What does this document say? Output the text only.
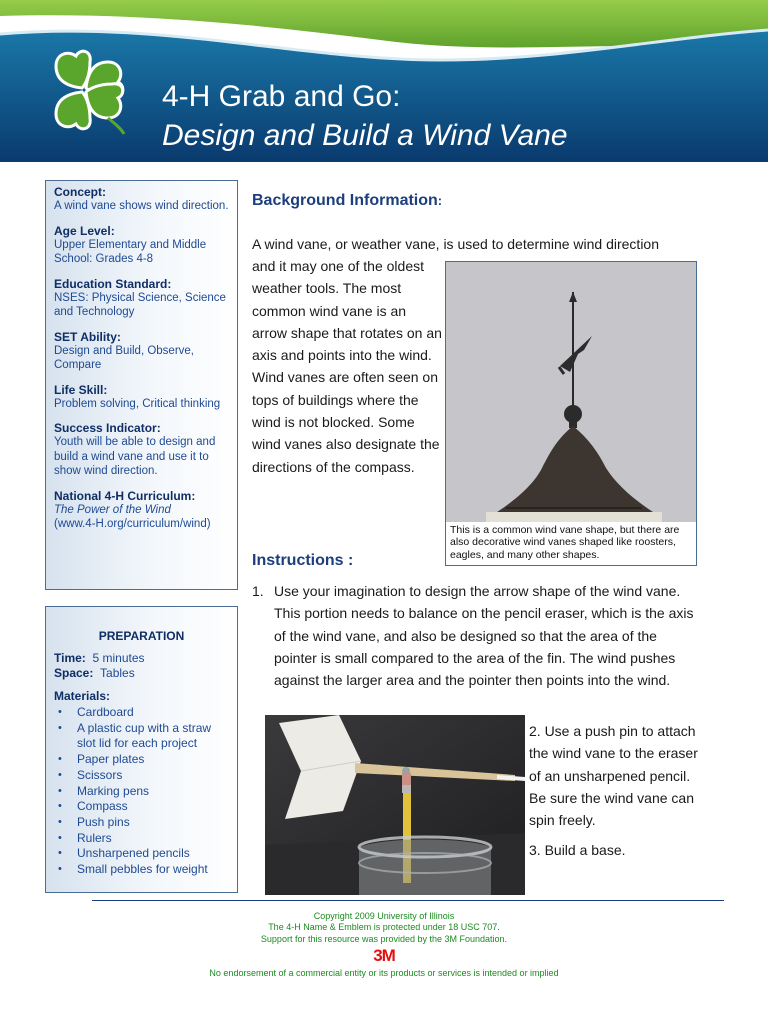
4-H Grab and Go:
Design and Build a Wind Vane
Concept:
A wind vane shows wind direction.
Age Level:
Upper Elementary and Middle School: Grades 4-8
Education Standard:
NSES: Physical Science, Science and Technology
SET Ability:
Design and Build, Observe, Compare
Life Skill:
Problem solving, Critical thinking
Success Indicator:
Youth will be able to design and build a wind vane and use it to show wind direction.
National 4-H Curriculum:
The Power of the Wind
(www.4-H.org/curriculum/wind)
PREPARATION
Time: 5 minutes
Space: Tables
Materials:
• Cardboard
• A plastic cup with a straw slot lid for each project
• Paper plates
• Scissors
• Marking pens
• Compass
• Push pins
• Rulers
• Unsharpened pencils
• Small pebbles for weight
Background Information:
A wind vane, or weather vane, is used to determine wind direction
and it may one of the oldest weather tools. The most common wind vane is an arrow shape that rotates on an axis and points into the wind. Wind vanes are often seen on tops of buildings where the wind is not blocked. Some wind vanes also designate the directions of the compass.
This is a common wind vane shape, but there are also decorative wind vanes shaped like roosters, eagles, and many other shapes.
Instructions :
1. Use your imagination to design the arrow shape of the wind vane. This portion needs to balance on the pencil eraser, which is the axis of the wind vane, and also be designed so that the area of the pointer is small compared to the area of the fin. The wind pushes against the larger area and the pointer then points into the wind.
2. Use a push pin to attach the wind vane to the eraser of an unsharpened pencil. Be sure the wind vane can spin freely.
3. Build a base.
Copyright 2009 University of Illinois
The 4-H Name & Emblem is protected under 18 USC 707.
Support for this resource was provided by the 3M Foundation.
3M
No endorsement of a commercial entity or its products or services is intended or implied
